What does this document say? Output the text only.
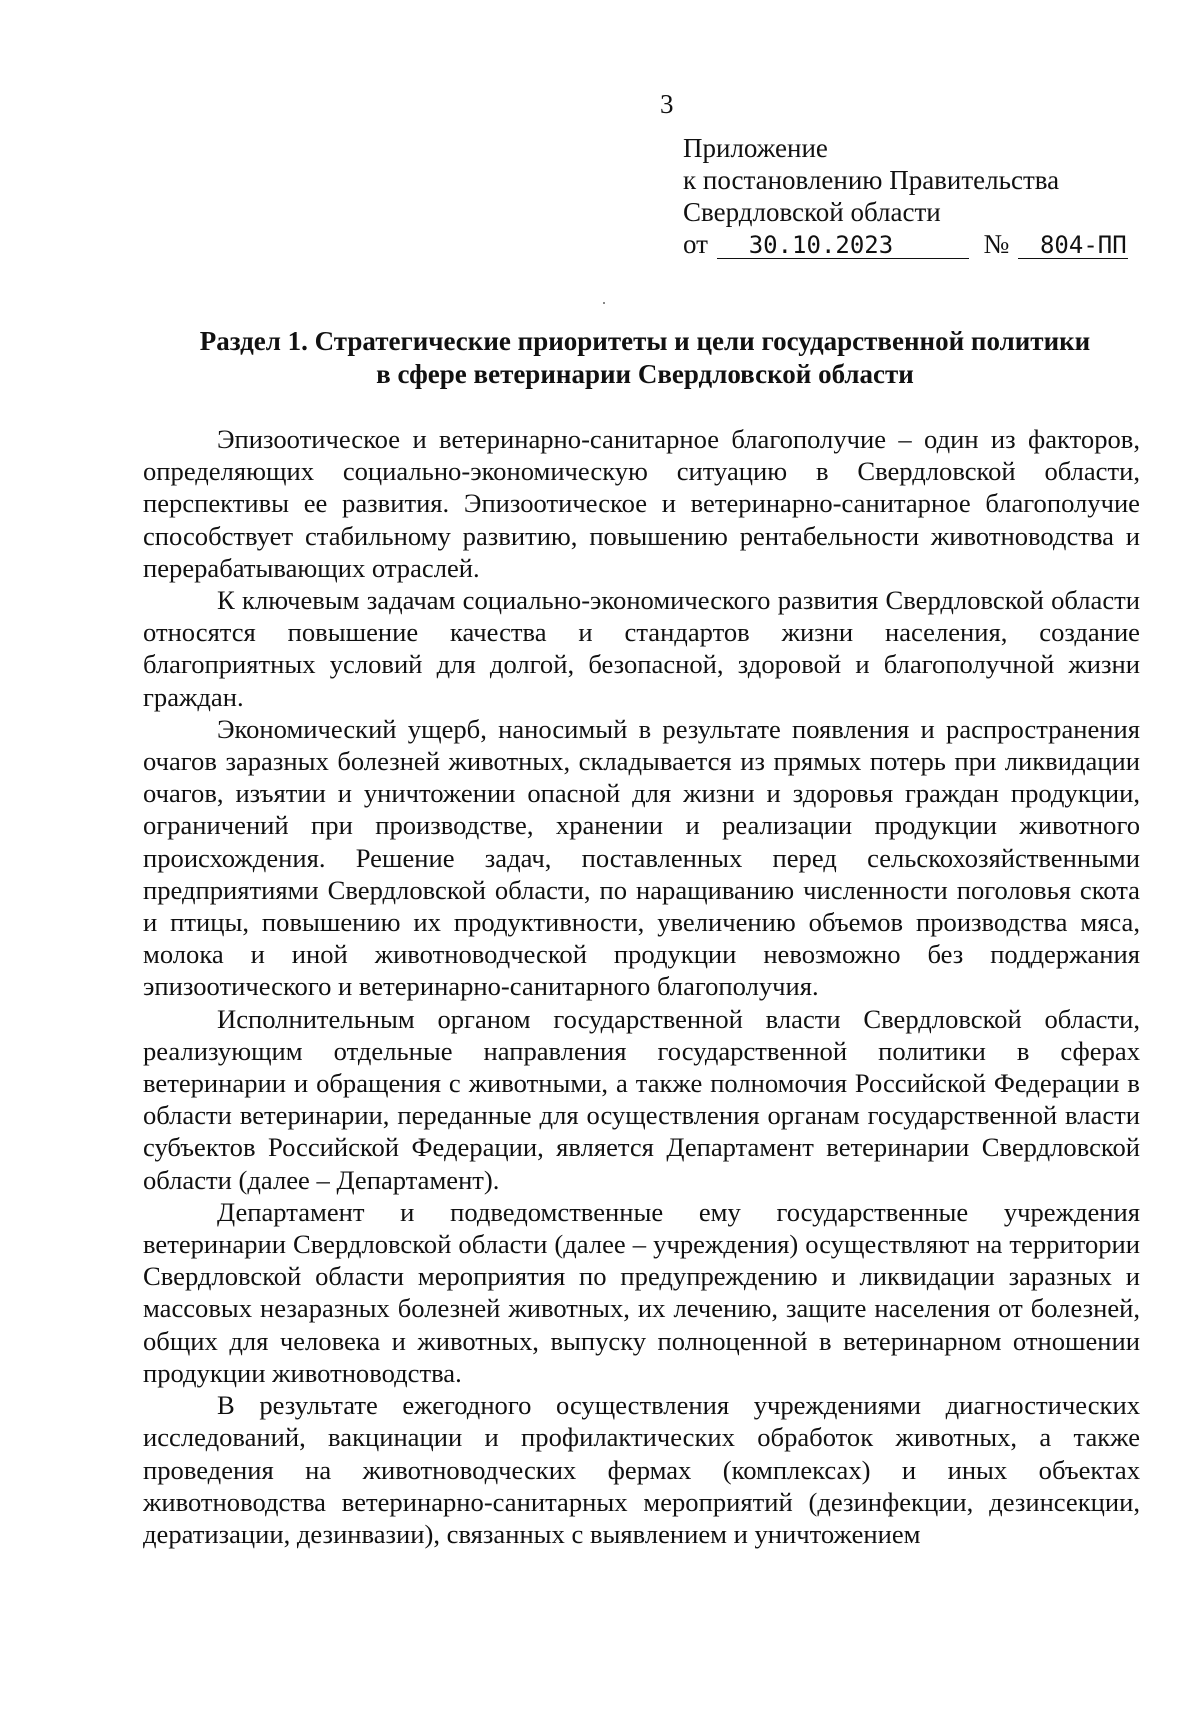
3
Приложение
к постановлению Правительства
Свердловской области
от 30.10.2023	№ 804-ПП
Раздел 1. Стратегические приоритеты и цели государственной политики
в сфере ветеринарии Свердловской области

Эпизоотическое и ветеринарно-санитарное благополучие – один из факторов, определяющих социально-экономическую ситуацию в Свердловской области, перспективы ее развития. Эпизоотическое и ветеринарно-санитарное благополучие способствует стабильному развитию, повышению рентабельности животноводства и перерабатывающих отраслей.

К ключевым задачам социально-экономического развития Свердловской области относятся повышение качества и стандартов жизни населения, создание благоприятных условий для долгой, безопасной, здоровой и благополучной жизни граждан.

Экономический ущерб, наносимый в результате появления и распространения очагов заразных болезней животных, складывается из прямых потерь при ликвидации очагов, изъятии и уничтожении опасной для жизни и здоровья граждан продукции, ограничений при производстве, хранении и реализации продукции животного происхождения. Решение задач, поставленных перед сельскохозяйственными предприятиями Свердловской области, по наращиванию численности поголовья скота и птицы, повышению их продуктивности, увеличению объемов производства мяса, молока и иной животноводческой продукции невозможно без поддержания эпизоотического и ветеринарно-санитарного благополучия.

Исполнительным органом государственной власти Свердловской области, реализующим отдельные направления государственной политики в сферах ветеринарии и обращения с животными, а также полномочия Российской Федерации в области ветеринарии, переданные для осуществления органам государственной власти субъектов Российской Федерации, является Департамент ветеринарии Свердловской области (далее – Департамент).

Департамент и подведомственные ему государственные учреждения ветеринарии Свердловской области (далее – учреждения) осуществляют на территории Свердловской области мероприятия по предупреждению и ликвидации заразных и массовых незаразных болезней животных, их лечению, защите населения от болезней, общих для человека и животных, выпуску полноценной в ветеринарном отношении продукции животноводства.

В результате ежегодного осуществления учреждениями диагностических исследований, вакцинации и профилактических обработок животных, а также проведения на животноводческих фермах (комплексах) и иных объектах животноводства ветеринарно-санитарных мероприятий (дезинфекции, дезинсекции, дератизации, дезинвазии), связанных с выявлением и уничтожением
